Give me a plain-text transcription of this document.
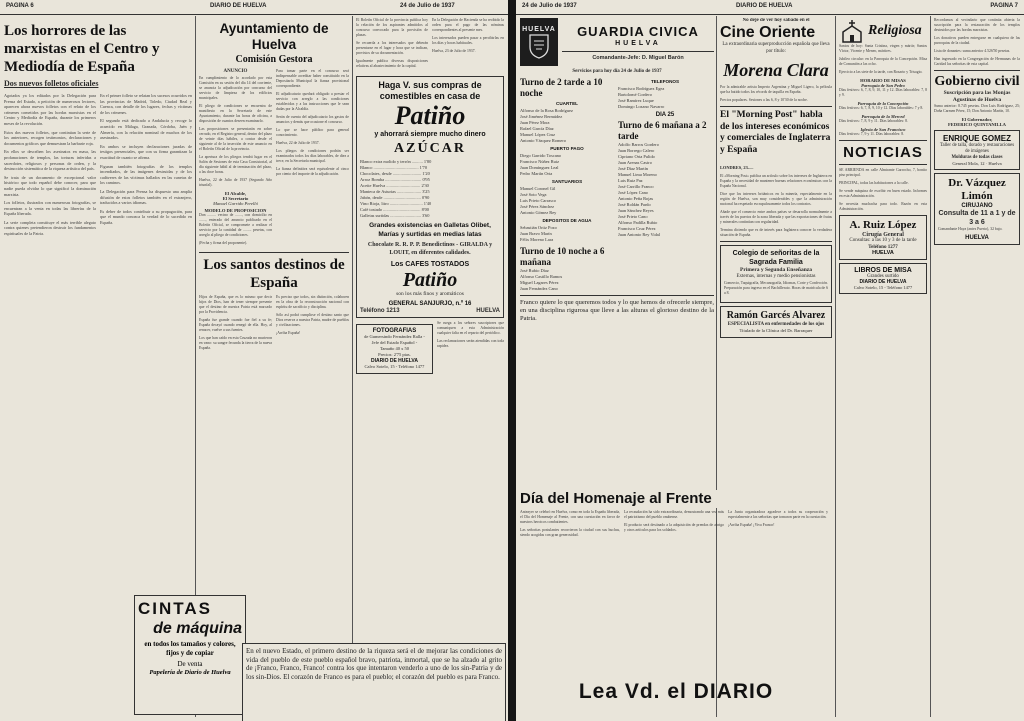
PAGINA 6	DIARIO DE HUELVA	24 de Julio de 1937
Los horrores de las marxistas en el Centro y Mediodía de España
Dos nuevos folletos oficiales

Agotados ya los editados por la Delegación para Prensa del Estado, a petición de numerosos lectores, aparecen ahora nuevos folletos con el relato de los crímenes cometidos por las hordas marxistas en el Centro y Mediodía de España, durante los primeros meses de la revolución.

Estos dos nuevos folletos, que continúan la serie de los anteriores, recogen testimonios, declaraciones y documentos gráficos que demuestran la barbarie roja.

En ellos se describen los asesinatos en masa, las profanaciones de templos, las torturas inferidas a sacerdotes, religiosos y personas de orden, y la destrucción sistemática de la riqueza artística del país.

Se trata de un documento de excepcional valor histórico que todo español debe conocer, para que nadie pueda olvidar lo que significó la dominación marxista.

Los folletos, ilustrados con numerosas fotografías, se encuentran a la venta en todas las librerías de la España liberada.

La serie completa constituye el más terrible alegato contra quienes pretendieron destruir los fundamentos espirituales de la Patria.

En el primer folleto se relatan los sucesos ocurridos en las provincias de Madrid, Toledo, Ciudad Real y Cuenca, con detalle de los lugares, fechas y víctimas de los crímenes.

El segundo está dedicado a Andalucía y recoge lo acaecido en Málaga, Granada, Córdoba, Jaén y Almería, con la relación nominal de muchos de los asesinados.

En ambos se incluyen declaraciones juradas de testigos presenciales, que con su firma garantizan la exactitud de cuanto se afirma.

Figuran también fotografías de los templos incendiados, de las imágenes destruidas y de los cadáveres de las víctimas hallados en las cunetas de los caminos.

La Delegación para Prensa ha dispuesto una amplia difusión de estos folletos también en el extranjero, traducidos a varios idiomas.

Es deber de todos contribuir a su propagación, para que el mundo conozca la verdad de lo sucedido en España.

Ayuntamiento de Huelva
Comisión Gestora
ANUNCIO

En cumplimiento de lo acordado por esta Comisión en su sesión del día 14 del corriente, se anuncia la adjudicación por concurso del servicio de limpieza de los edificios municipales.

El pliego de condiciones se encuentra de manifiesto en la Secretaría de este Ayuntamiento, durante las horas de oficina, a disposición de cuantos deseen examinarlo.

Las proposiciones se presentarán en sobre cerrado, en el Registro general, dentro del plazo de veinte días hábiles, a contar desde el siguiente al de la inserción de este anuncio en el Boletín Oficial de la provincia.

La apertura de los pliegos tendrá lugar en el Salón de Sesiones de esta Casa Consistorial, al día siguiente hábil al de terminación del plazo, a las doce horas.

Huelva, 22 de Julio de 1937 (Segundo Año triunfal).

El Alcalde,
El Secretario
Manuel Garrido Perelló
MODELO DE PROPOSICION

Don ......... vecino de ......., con domicilio en ......., enterado del anuncio publicado en el Boletín Oficial, se compromete a realizar el servicio por la cantidad de ......... pesetas, con arreglo al pliego de condiciones.

(Fecha y firma del proponente).

Para tomar parte en el concurso será indispensable acreditar haber constituido en la Depositaría Municipal la fianza provisional correspondiente.

El adjudicatario quedará obligado a prestar el servicio con arreglo a las condiciones establecidas y a las instrucciones que le sean dadas por la Alcaldía.

Serán de cuenta del adjudicatario los gastos de anuncios y demás que ocasione el concurso.

Lo que se hace público para general conocimiento.

Huelva, 22 de Julio de 1937.

Los pliegos de condiciones podrán ser examinados todos los días laborables, de diez a trece, en la Secretaría municipal.

La fianza definitiva será equivalente al cinco por ciento del importe de la adjudicación.

Los santos destinos de España

Hijos de España, que es lo mismo que decir hijos de Dios, han de tener siempre presente que el destino de nuestra Patria está marcado por la Providencia.

España fue grande cuando fue fiel a su fe; España decayó cuando renegó de ella. Hoy, al renacer, vuelve a sus fuentes.

Los que han caído en esta Cruzada no murieron en vano: su sangre fecunda la tierra de la nueva España.

Es preciso que todos, sin distinción, colaboren en la obra de la reconstrucción nacional con espíritu de sacrificio y disciplina.

Sólo así podrá cumplirse el destino santo que Dios reserva a nuestra Patria, madre de pueblos y civilizaciones.

¡Arriba España!

El Boletín Oficial de la provincia publica hoy la relación de los aspirantes admitidos al concurso convocado para la provisión de plazas.

Se recuerda a los interesados que deberán presentarse en el lugar y hora que se indican, provistos de su documentación.

Igualmente publica diversas disposiciones relativas al abastecimiento de la capital.

En la Delegación de Hacienda se ha recibido la orden para el pago de las nóminas correspondientes al presente mes.

Los interesados pueden pasar a percibirlas en los días y horas habituales.

Huelva, 23 de Julio de 1937.

Haga V. sus compras de comestibles en casa de
Patiño
y ahorrará siempre mucho dinero
AZÚCAR
Blanco extra molido y terrón .......... 1'80
Blanco ......................................... 1'70
Chocolates, desde .......................... 1'20
Arroz Bomba ................................. 0'95
Aceite Huelva ............................... 2'30
Manteca de Asturias ...................... 3'25
Jabón, desde .................................. 0'90
Vino Rioja, litro .............................. 1'40
Café tostado .................................. 8'00
Galletas surtidas ............................ 3'60
Grandes existencias en Galletas Olibet, Marías y surtidas en medias latas
Chocolate R. R. P. P. Benedictinos - GIRALDA y LOUIT, en diferentes calidades.
Los CAFES TOSTADOS
Patiño
son los más finos y aromáticos
GENERAL SANJURJO, n.º 16
Teléfono 1213	HUELVA
FOTOGRAFIAS
de Gumersindo Fernández Ralla - Jefe del Estado Español -
Tamaño 40 x 50
Precios: 2'75 ptas.
DIARIO DE HUELVA
Calvo Sotelo, 15 - Teléfono 1477

Se ruega a los señores suscriptores que comuniquen a esta Administración cualquier falta en el reparto del periódico.

Las reclamaciones serán atendidas con toda rapidez.

CINTAS
de máquina
en todos los tamaños y colores, fijos y de copiar
De venta
Papelería de Diario de Huelva

En el nuevo Estado, el primero destino de la riqueza será el de mejorar las condiciones de vida del pueblo de este pueblo español bravo, patriota, inmortal, que se ha alzado al grito de ¡Franco, Franco, Franco! contra los que intentaron venderlo a uno de los sin-Patria y de los sin-Dios. El corazón de Franco es para el pueblo; el corazón del pueblo es para Franco.

24 de Julio de 1937	DIARIO DE HUELVA	PAGINA 7
HUELVA	GUARDIA CIVICA
HUELVA
Comandante-Jefe: D. Miguel Barón
Servicios para hoy día 24 de Julio de 1937
Turno de 2 tarde a 10 noche
CUARTEL
Alfonso de la Rosa Rodríguez
José Jiménez Bermúdez
Juan Pérez Mora
Rafael García Díaz
Manuel López Cruz
Antonio Vázquez Romero
PUERTO PAGO
Diego Garrido Toscano
Francisco Núñez Ruiz
Juan Domínguez Leal
Pedro Martín Orta
SANTUARIOS
Manuel Coronel Gil
José Soto Vega
Luis Prieto Carrasco
José Pérez Sánchez
Antonio Gómez Rey
DEPOSITOS DE AGUA
Sebastián Ortiz Pozo
Juan Bravo Marín
Félix Moreno Lara
Turno de 10 noche a 6 mañana
José Rubio Díaz
Alfonso Castillo Ramos
Miguel Lagares Pérez
Juan Fernández Cano
TELEFONOS
Francisco Rodríguez Egea
Bartolomé Cordero
José Ramírez Luque
Domingo Lozano Navarro
DIA 25
Turno de 6 mañana a 2 tarde
Adolfo Barros Gordero
Juan Borrego Calero
Cipriano Orta Pulido
Juan Arenas Castro
José Díaz Martín
Manuel Lima Moreno
Luis Ruiz Paz
José Carrillo Franco
José López Cano
Antonio Peña Rojas
José Roldán Pardo
Juan Sánchez Reyes
José Prieto Cano
Alfonso Padilla Rubio
Francisco Cruz Pérez
Juan Antonio Rey Vidal

Franco quiere lo que queremos todos y lo que hemos de ofrecerle siempre, en una disciplina rigurosa que lleve a las alturas el glorioso destino de la Patria.

No deje de ver hoy sábado en el
Cine Oriente
La extraordinaria superproducción española que lleva por título:
Morena Clara

Por la admirable artista Imperio Argentina y Miguel Ligero, la película que ha batido todos los récords de taquilla en España.

Precios populares. Sesiones a las 6, 8 y 10'30 de la noche.

El "Morning Post" habla de los intereses económicos y comerciales de Inglaterra y España
LONDRES, 23.—

El «Morning Post» publica un artículo sobre los intereses de Inglaterra en España y la necesidad de mantener buenas relaciones económicas con la España Nacional.

Dice que los intereses británicos en la minería, especialmente en la región de Huelva, son muy considerables y que la administración nacional ha respetado escrupulosamente todos los contratos.

Añade que el comercio entre ambos países se desarrolla normalmente a través de los puertos de la zona liberada y que las exportaciones de frutas y minerales continúan con regularidad.

Termina diciendo que es de interés para Inglaterra conocer la verdadera situación de España.

Colegio de señoritas de la Sagrada Familia
Primera y Segunda Enseñanza
Externas, internas y medio pensionistas

Comercio, Taquigrafía, Mecanografía, Idiomas, Corte y Confección. Preparación para ingreso en el Bachillerato. Horas de matrícula de 6 a 8.

Ramón Garcés Alvarez
ESPECIALISTA en enfermedades de los ojos
Titulado de la Clínica del Dr. Barraquer
Religiosa

Santos de hoy: Santa Cristina, virgen y mártir; Santos Víctor, Vicente y Meneo, mártires.

Jubileo circular: en la Parroquia de la Concepción. Misa de Comunión a las ocho.

Ejercicio a las siete de la tarde, con Rosario y Trisagio.

HORARIO DE MISAS
Parroquia de San Pedro

Días festivos: 6, 7, 8, 9, 10, 11 y 12. Días laborables: 7, 8 y 9.

Parroquia de la Concepción

Días festivos: 6, 7, 8, 9, 10 y 12. Días laborables: 7 y 8.

Parroquia de la Merced

Días festivos: 7, 8, 9 y 11. Días laborables: 8.

Iglesia de San Francisco

Días festivos: 7, 9 y 11. Días laborables: 8.

NOTICIAS

SE ARRIENDA en calle Almirante Garrocho, 7, bonito piso principal.

PRINCIPAL, todas las habitaciones a la calle.

Se vende máquina de escribir en buen estado. Informes en esta Administración.

Se necesita muchacha para todo. Razón en esta Administración.

A. Ruiz López
Cirugía General
Consultas: a las 10 y 3 de la tarde
Teléfono 1277
HUELVA
LIBROS DE MISA
Grandes surtido
DIARIO DE HUELVA
Calvo Sotelo, 15 - Teléfono 1477

Recordamos al vecindario que continúa abierta la suscripción para la restauración de los templos destruidos por las hordas marxistas.

Los donativos pueden entregarse en cualquiera de las parroquias de la ciudad.

Lista de donantes: suma anterior 4.526'50 pesetas.

Han ingresado en la Congregación de Hermanas de la Caridad las señoritas de esta capital.

Gobierno civil
Suscripción para las Monjas Agustinas de Huelva

Suma anterior: 8.745 pesetas. Don Luis Rodríguez, 25; Doña Carmen Pérez, 15; Don Antonio Martín, 10.

El Gobernador,
FEDERICO QUINTANILLA
ENRIQUE GOMEZ
Taller de talla, dorado y restauraciones de imágenes
Molduras de todas clases
General Mola, 12 · Huelva
Dr. Vázquez Limón
CIRUJANO
Consulta de 11 a 1 y de 3 a 6

Comandante Haya (antes Puerto), 32 bajo.

HUELVA
Día del Homenaje al Frente

Anteayer se celebró en Huelva, como en toda la España liberada, el Día del Homenaje al Frente, con una cuestación en favor de nuestros heroicos combatientes.

Las señoritas postulantes recorrieron la ciudad con sus huchas, siendo acogidas con gran generosidad.

La recaudación ha sido extraordinaria, demostrando una vez más el patriotismo del pueblo onubense.

El producto será destinado a la adquisición de prendas de abrigo y otros artículos para los soldados.

La Junta organizadora agradece a todos su cooperación y especialmente a las señoritas que tomaron parte en la cuestación.

¡Arriba España! ¡Viva Franco!

Lea Vd. el DIARIO
